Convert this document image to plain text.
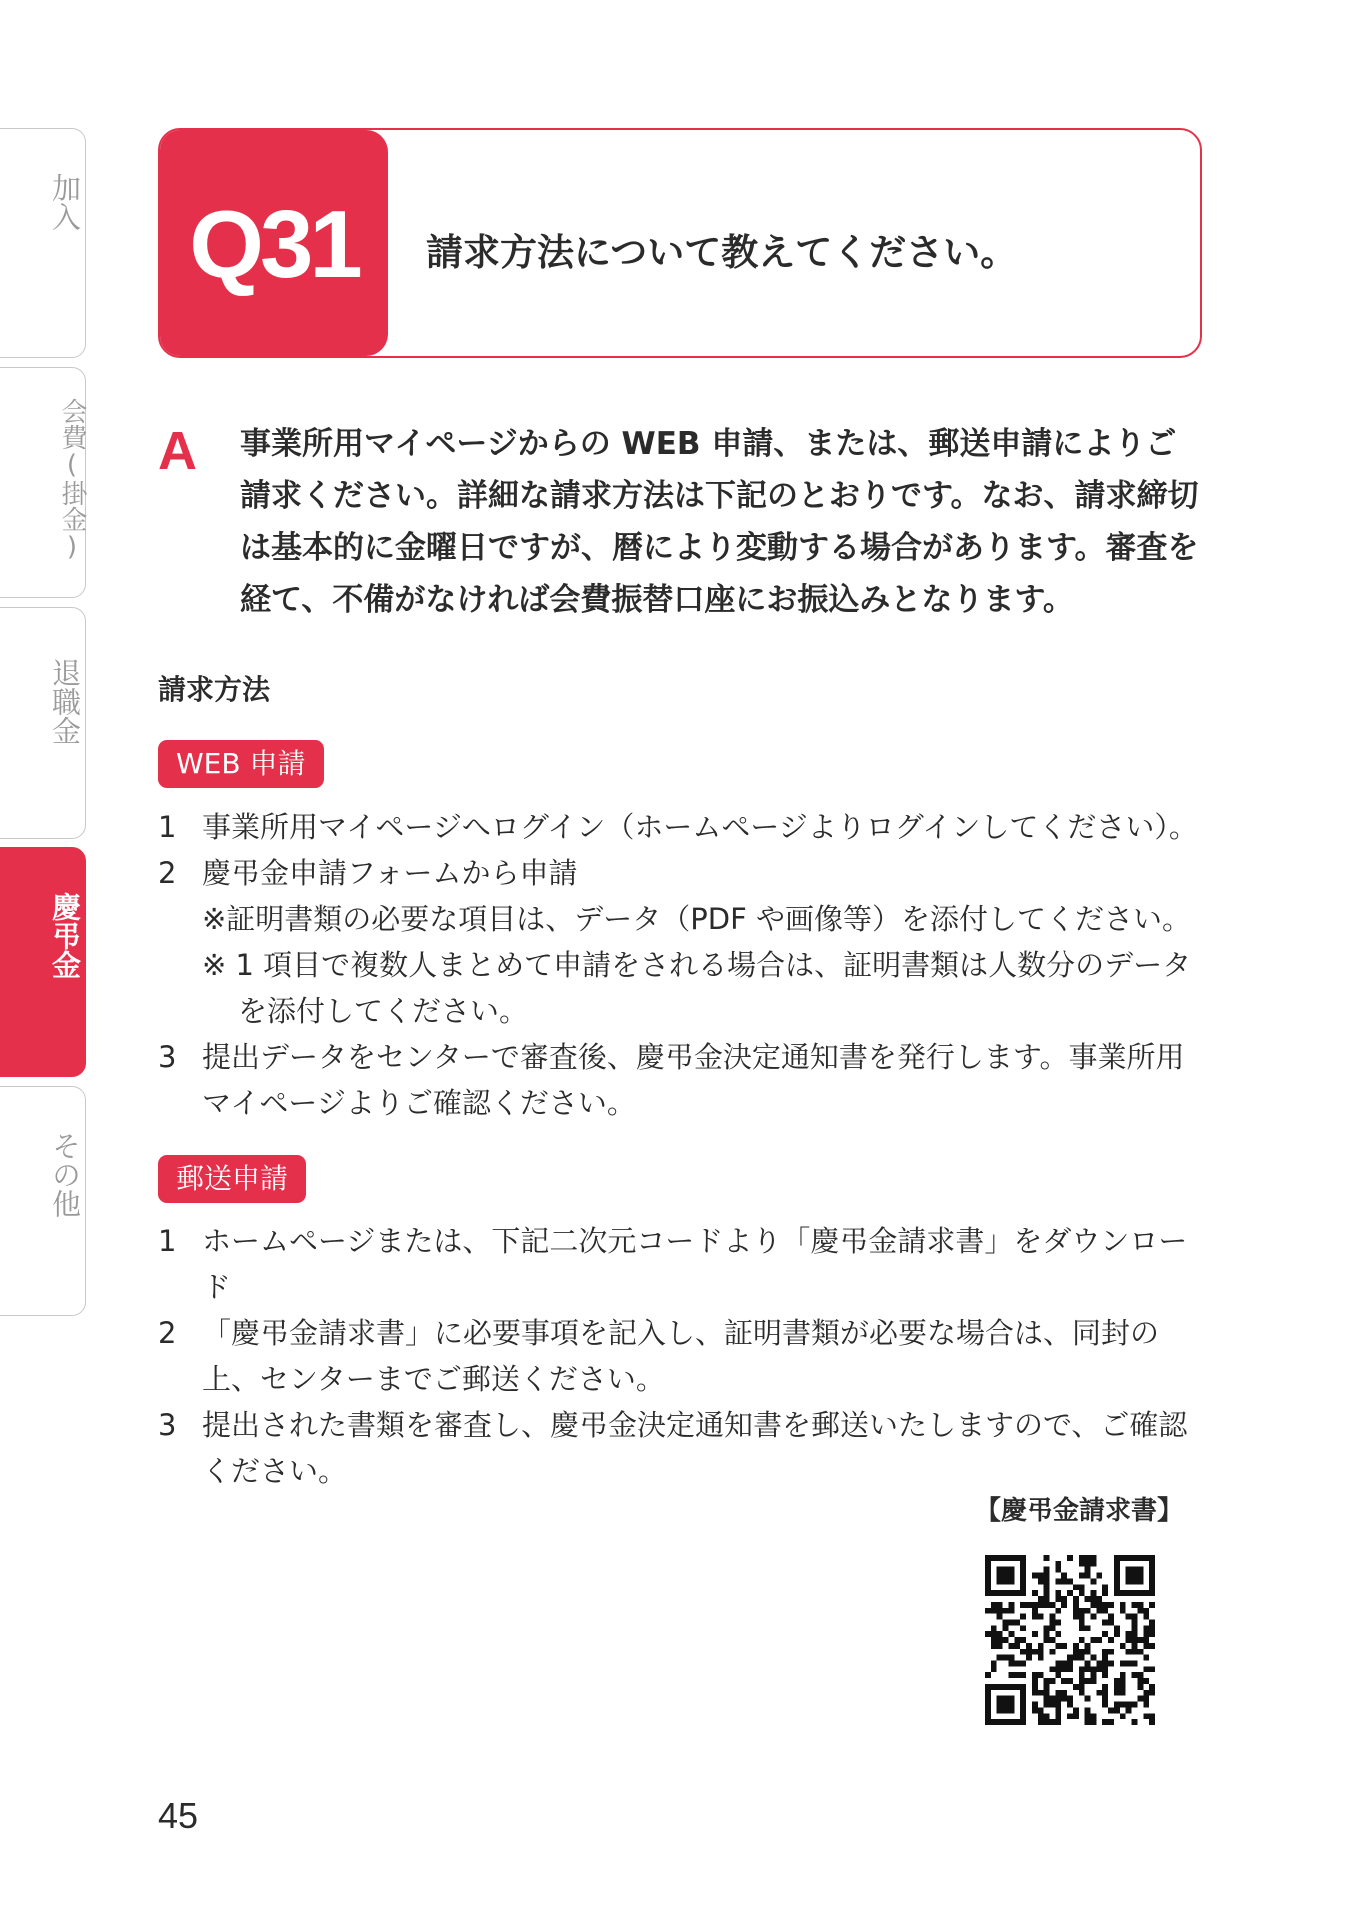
加入
会費(掛金)
退職金
慶弔金
その他
Q31 請求方法について教えてください。
A 事業所用マイページからの WEB 申請、または、郵送申請によりご請求ください。詳細な請求方法は下記のとおりです。なお、請求締切は基本的に金曜日ですが、暦により変動する場合があります。審査を経て、不備がなければ会費振替口座にお振込みとなります。
請求方法
WEB 申請
1 事業所用マイページへログイン（ホームページよりログインしてください）。
2 慶弔金申請フォームから申請
※証明書類の必要な項目は、データ（PDF や画像等）を添付してください。
※ 1 項目で複数人まとめて申請をされる場合は、証明書類は人数分のデータを添付してください。
3 提出データをセンターで審査後、慶弔金決定通知書を発行します。事業所用マイページよりご確認ください。
郵送申請
1 ホームページまたは、下記二次元コードより「慶弔金請求書」をダウンロード
2 「慶弔金請求書」に必要事項を記入し、証明書類が必要な場合は、同封の上、センターまでご郵送ください。
3 提出された書類を審査し、慶弔金決定通知書を郵送いたしますので、ご確認ください。
【慶弔金請求書】
45
